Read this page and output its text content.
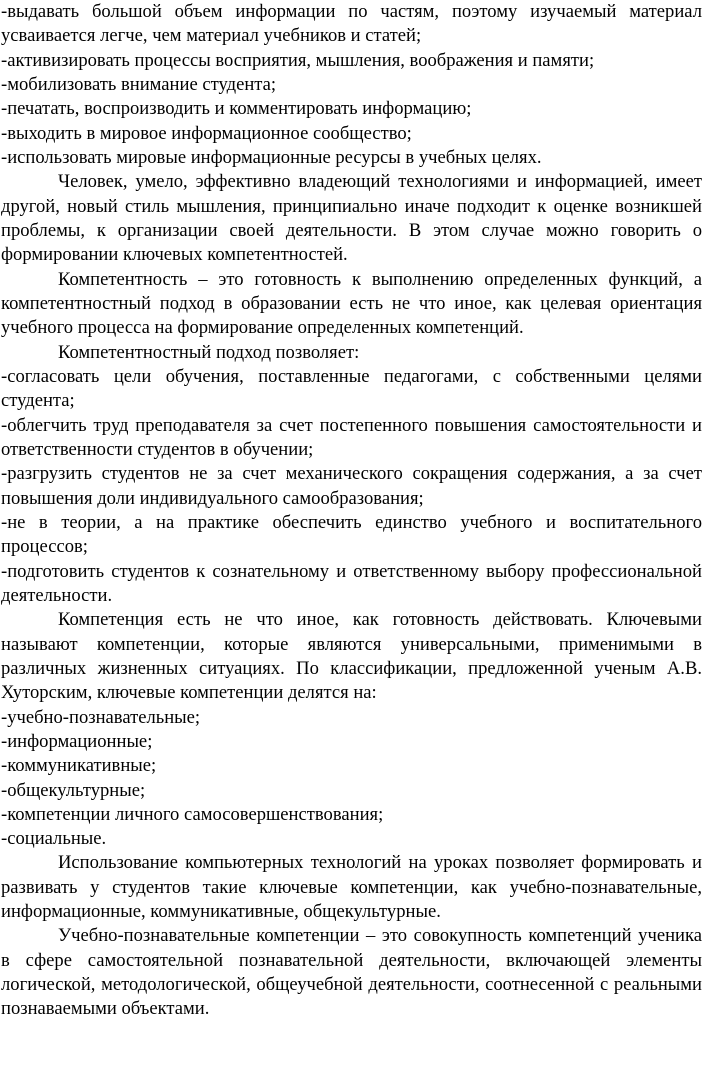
-выдавать большой объем информации по частям, поэтому изучаемый материал усваивается легче, чем материал учебников и статей;

-активизировать процессы восприятия, мышления, воображения и памяти;

-мобилизовать внимание студента;

-печатать, воспроизводить и комментировать информацию;

-выходить в мировое информационное сообщество;

-использовать мировые информационные ресурсы в учебных целях.

Человек, умело, эффективно владеющий технологиями и информацией, имеет другой, новый стиль мышления, принципиально иначе подходит к оценке возникшей проблемы, к организации своей деятельности. В этом случае можно говорить о формировании ключевых компетентностей.

Компетентность – это готовность к выполнению определенных функций, а компетентностный подход в образовании есть не что иное, как целевая ориентация учебного процесса на формирование определенных компетенций.

Компетентностный подход позволяет:

-согласовать цели обучения, поставленные педагогами, с собственными целями студента;

-облегчить труд преподавателя за счет постепенного повышения самостоятельности и ответственности студентов в обучении;

-разгрузить студентов не за счет механического сокращения содержания, а за счет повышения доли индивидуального самообразования;

-не в теории, а на практике обеспечить единство учебного и воспитательного процессов;

-подготовить студентов к сознательному и ответственному выбору профессиональной деятельности.

Компетенция есть не что иное, как готовность действовать. Ключевыми называют компетенции, которые являются универсальными, применимыми в различных жизненных ситуациях. По классификации, предложенной ученым А.В. Хуторским, ключевые компетенции делятся на:

-учебно-познавательные;

-информационные;

-коммуникативные;

-общекультурные;

-компетенции личного самосовершенствования;

-социальные.

Использование компьютерных технологий на уроках позволяет формировать и развивать у студентов такие ключевые компетенции, как учебно-познавательные, информационные, коммуникативные, общекультурные.

Учебно-познавательные компетенции – это совокупность компетенций ученика в сфере самостоятельной познавательной деятельности, включающей элементы логической, методологической, общеучебной деятельности, соотнесенной с реальными познаваемыми объектами.
